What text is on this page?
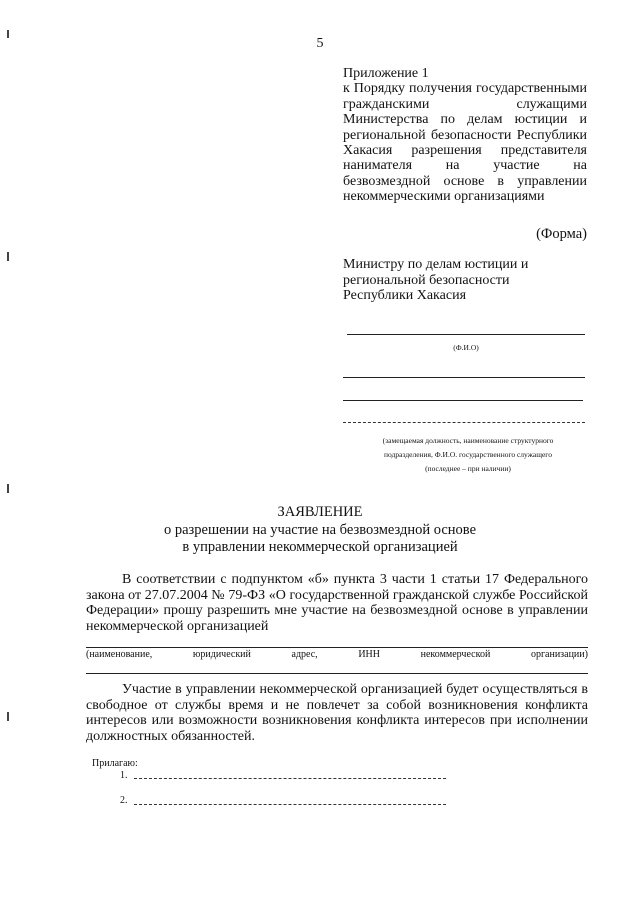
5
Приложение 1
к Порядку получения государственными гражданскими служащими Министерства по делам юстиции и региональной безопасности Республики Хакасия разрешения представителя нанимателя на участие на безвозмездной основе в управлении некоммерческими организациями
(Форма)
Министру по делам юстиции и
региональной безопасности
Республики Хакасия
(Ф.И.О)
(замещаемая должность, наименование структурного
подразделения, Ф.И.О. государственного служащего
(последнее – при наличии)
ЗАЯВЛЕНИЕ
о разрешении на участие на безвозмездной основе
в управлении некоммерческой организацией
В соответствии с подпунктом «б» пункта 3 части 1 статьи 17 Федерального закона от 27.07.2004 № 79-ФЗ «О государственной гражданской службе Российской Федерации» прошу разрешить мне участие на безвозмездной основе в управлении некоммерческой организацией
(наименование,	юридический	адрес,	ИНН	некоммерческой	организации)
Участие в управлении некоммерческой организацией будет осуществляться в свободное от службы время и не повлечет за собой возникновения конфликта интересов или возможности возникновения конфликта интересов при исполнении должностных обязанностей.
Прилагаю:
1.
2.
